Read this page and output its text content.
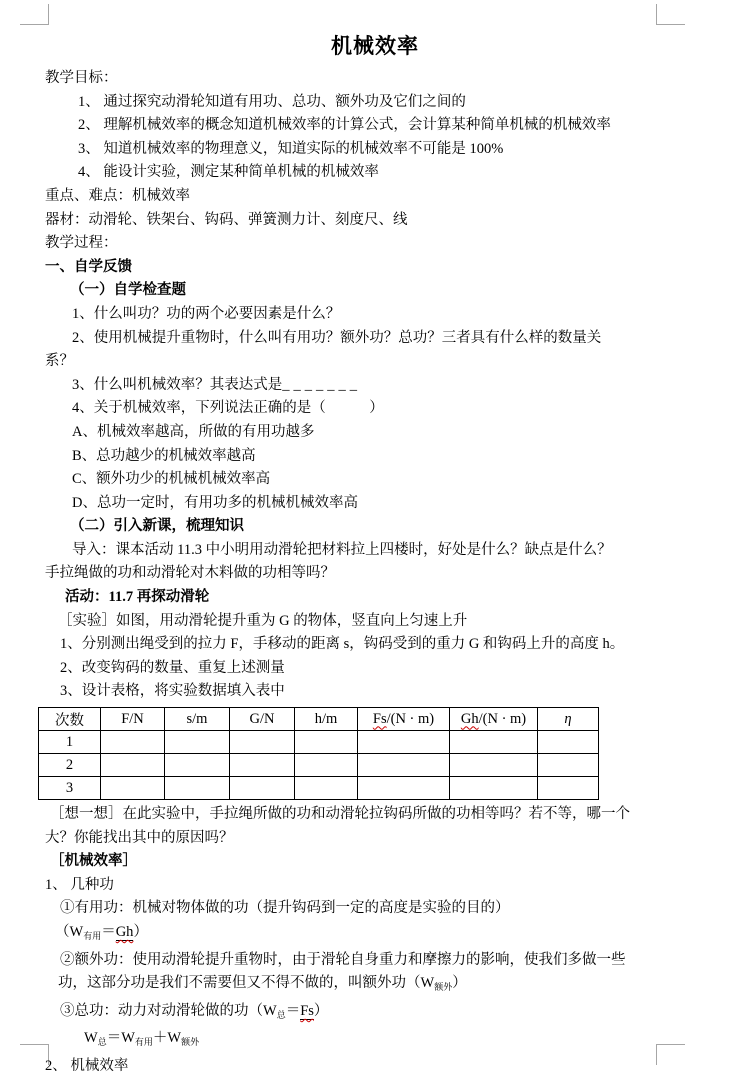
机械效率
教学目标：
1、 通过探究动滑轮知道有用功、总功、额外功及它们之间的
2、 理解机械效率的概念知道机械效率的计算公式，会计算某种简单机械的机械效率
3、 知道机械效率的物理意义，知道实际的机械效率不可能是 100%
4、 能设计实验，测定某种简单机械的机械效率
重点、难点：机械效率
器材：动滑轮、铁架台、钩码、弹簧测力计、刻度尺、线
教学过程：
一、自学反馈
（一）自学检查题
1、什么叫功？功的两个必要因素是什么？
2、使用机械提升重物时，什么叫有用功？额外功？总功？三者具有什么样的数量关
系？
3、什么叫机械效率？其表达式是_______
4、关于机械效率，下列说法正确的是（　　　）
A、机械效率越高，所做的有用功越多
B、总功越少的机械效率越高
C、额外功少的机械机械效率高
D、总功一定时，有用功多的机械机械效率高
（二）引入新课，梳理知识
导入：课本活动 11.3 中小明用动滑轮把材料拉上四楼时，好处是什么？缺点是什么？
手拉绳做的功和动滑轮对木料做的功相等吗？
活动：11.7 再探动滑轮
［实验］如图，用动滑轮提升重为 G 的物体，竖直向上匀速上升
1、分别测出绳受到的拉力 F，手移动的距离 s，钩码受到的重力 G 和钩码上升的高度 h。
2、改变钩码的数量、重复上述测量
3、设计表格，将实验数据填入表中
次数	F/N	s/m	G/N	h/m	Fs/(N · m)	Gh/(N · m)	η
1							
2							
3							
［想一想］在此实验中，手拉绳所做的功和动滑轮拉钩码所做的功相等吗？若不等，哪一个
大？你能找出其中的原因吗？
［机械效率］
1、 几种功
①有用功：机械对物体做的功（提升钩码到一定的高度是实验的目的）
$(W_{有用}=Gh)$
②额外功：使用动滑轮提升重物时，由于滑轮自身重力和摩擦力的影响，使我们多做一些
功，这部分功是我们不需要但又不得不做的，叫额外功$(W_{额外})$
③总功：动力对动滑轮做的功$(W_总=Fs)$
$W_总=W_{有用}+W_{额外}$
2、 机械效率
